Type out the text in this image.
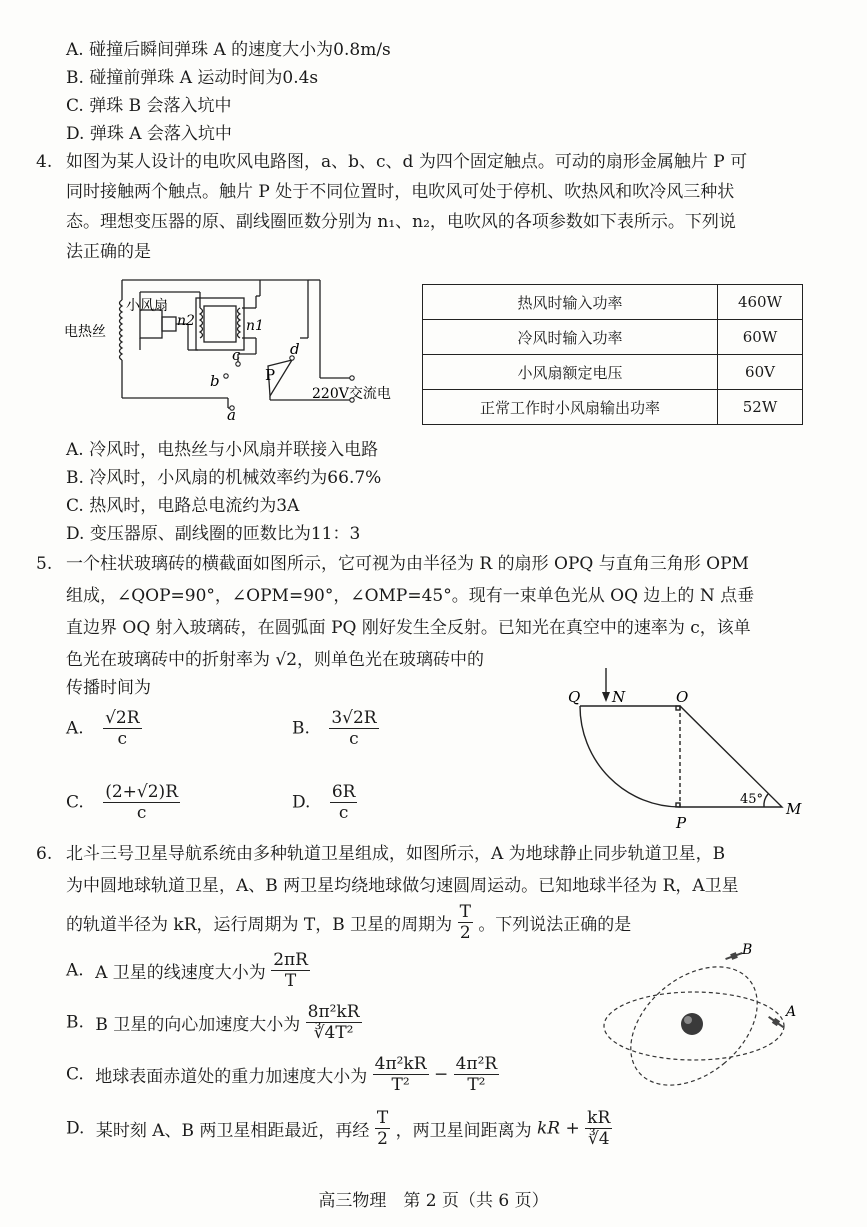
A. 碰撞后瞬间弹珠 A 的速度大小为0.8m/s
B. 碰撞前弹珠 A 运动时间为0.4s
C. 弹珠 B 会落入坑中
D. 弹珠 A 会落入坑中
4. 如图为某人设计的电吹风电路图，a、b、c、d 为四个固定触点。可动的扇形金属触片 P 可
同时接触两个触点。触片 P 处于不同位置时，电吹风可处于停机、吹热风和吹冷风三种状
态。理想变压器的原、副线圈匝数分别为 n₁、n₂，电吹风的各项参数如下表所示。下列说
法正确的是
小风扇
电热丝
n2	n1
c	d
b
a
P
220V交流电
热风时输入功率	460W
冷风时输入功率	60W
小风扇额定电压	60V
正常工作时小风扇输出功率	52W
A. 冷风时，电热丝与小风扇并联接入电路
B. 冷风时，小风扇的机械效率约为66.7%
C. 热风时，电路总电流约为3A
D. 变压器原、副线圈的匝数比为11：3
5. 一个柱状玻璃砖的横截面如图所示，它可视为由半径为 R 的扇形 OPQ 与直角三角形 OPM
组成，∠QOP=90°，∠OPM=90°，∠OMP=45°。现有一束单色光从 OQ 边上的 N 点垂
直边界 OQ 射入玻璃砖，在圆弧面 PQ 刚好发生全反射。已知光在真空中的速率为 c，该单
色光在玻璃砖中的折射率为 √2，则单色光在玻璃砖中的
传播时间为
A. $\frac{√2R}{c}$	B. $\frac{3√2R}{c}$
C. $\frac{(2+√2)R}{c}$	D. $\frac{6R}{c}$
Q N	O
P
M
45°
6. 北斗三号卫星导航系统由多种轨道卫星组成，如图所示，A 为地球静止同步轨道卫星，B
为中圆地球轨道卫星，A、B 两卫星均绕地球做匀速圆周运动。已知地球半径为 R，A卫星
的轨道半径为 kR，运行周期为 T，B 卫星的周期为 $\frac{T}{2}$ 。下列说法正确的是
A. A 卫星的线速度大小为 $\frac{2\pi R}{T}$
B. B 卫星的向心加速度大小为 $\frac{\text{8π²kR}}{\text{∛4T²}}$
C. 地球表面赤道处的重力加速度大小为 $\frac{\text{4π²kR}}{\text{T²}} - \frac{\text{4π²R}}{\text{T²}}$
D. 某时刻 A、B 两卫星相距最近，再经 $\frac{T}{2}$ ，两卫星间距离为 kR + $\frac{kR}{∛4}$
A
B
高三物理　第 2 页（共 6 页）
